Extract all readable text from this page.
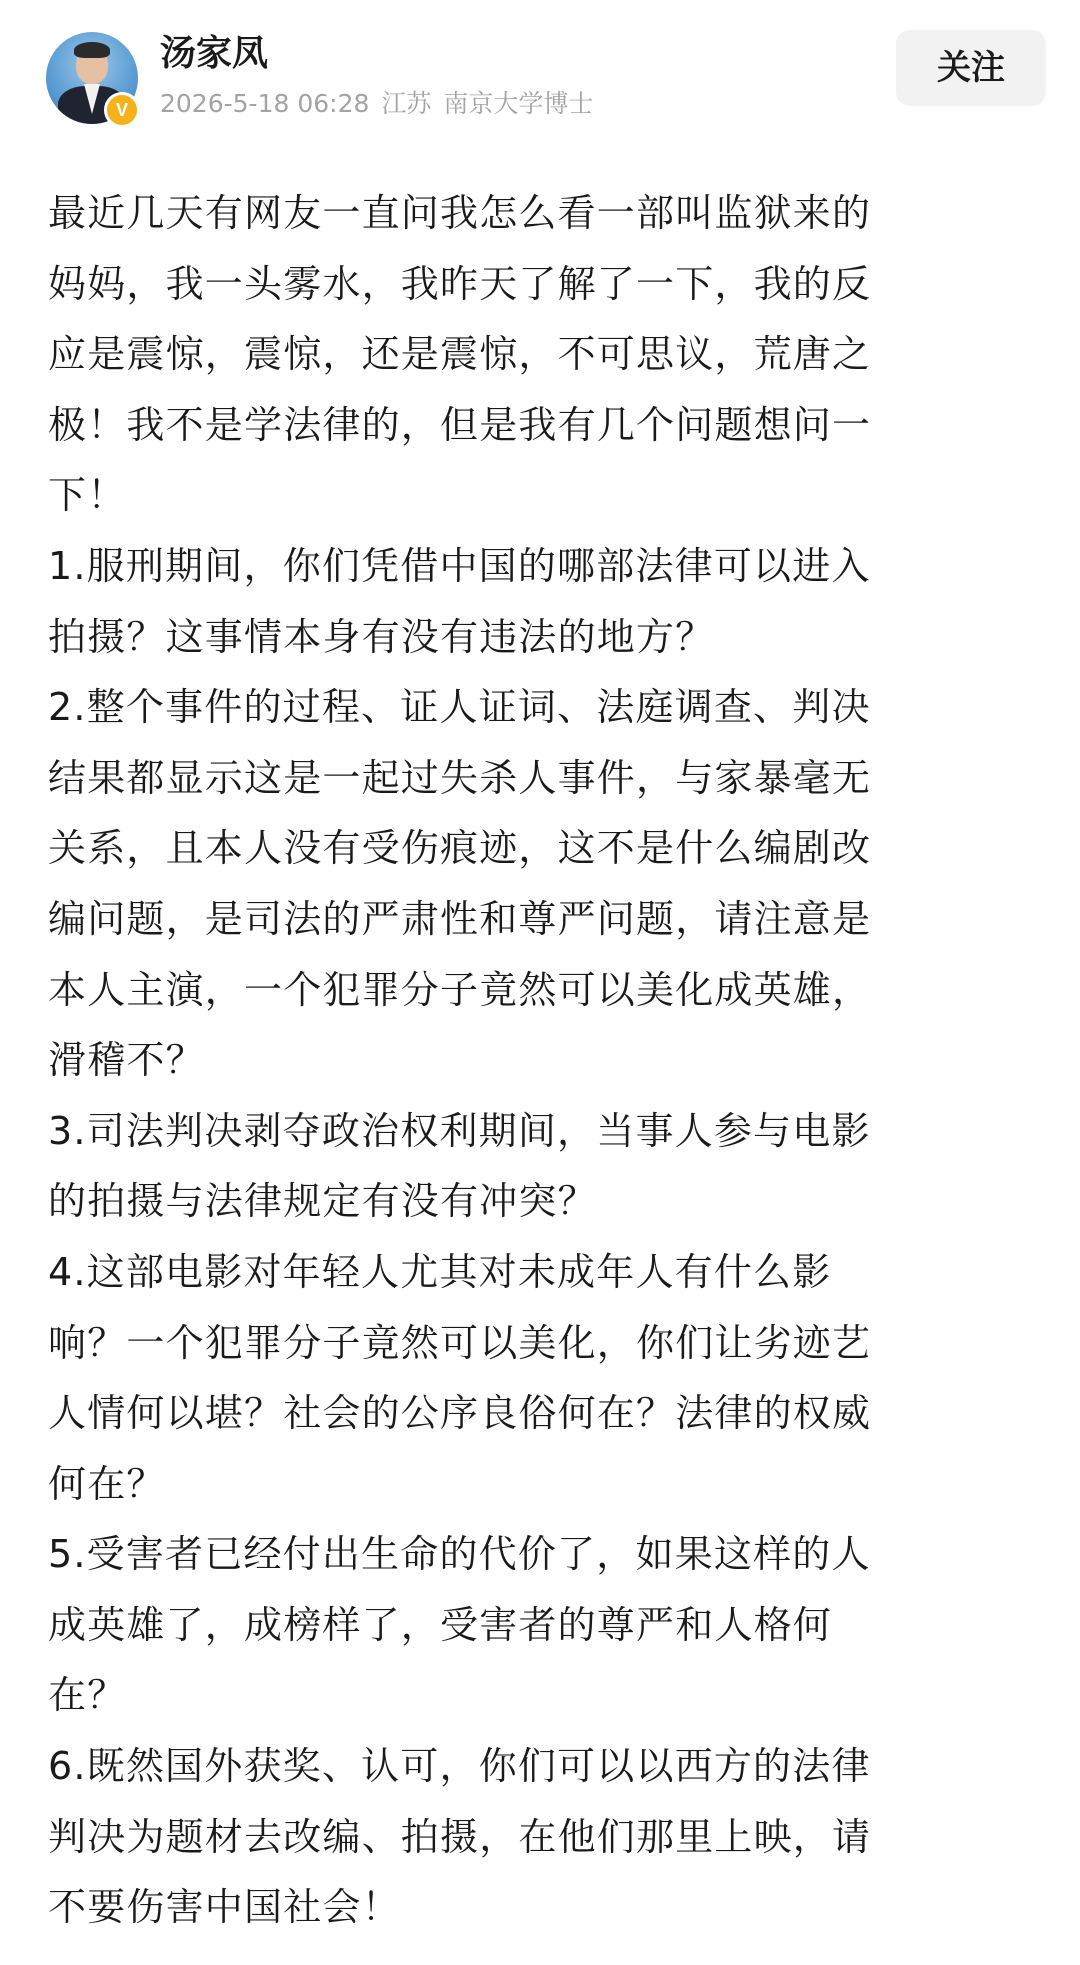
V
汤家凤
2026-5-18 06:28 江苏 南京大学博士
关注

最近几天有网友一直问我怎么看一部叫监狱来的
妈妈，我一头雾水，我昨天了解了一下，我的反
应是震惊，震惊，还是震惊，不可思议，荒唐之
极！我不是学法律的，但是我有几个问题想问一
下！

1.服刑期间，你们凭借中国的哪部法律可以进入
拍摄？这事情本身有没有违法的地方？

2.整个事件的过程、证人证词、法庭调查、判决
结果都显示这是一起过失杀人事件，与家暴毫无
关系，且本人没有受伤痕迹，这不是什么编剧改
编问题，是司法的严肃性和尊严问题，请注意是
本人主演，一个犯罪分子竟然可以美化成英雄，
滑稽不？

3.司法判决剥夺政治权利期间，当事人参与电影
的拍摄与法律规定有没有冲突？

4.这部电影对年轻人尤其对未成年人有什么影
响？一个犯罪分子竟然可以美化，你们让劣迹艺
人情何以堪？社会的公序良俗何在？法律的权威
何在？

5.受害者已经付出生命的代价了，如果这样的人
成英雄了，成榜样了，受害者的尊严和人格何
在？

6.既然国外获奖、认可，你们可以以西方的法律
判决为题材去改编、拍摄，在他们那里上映，请
不要伤害中国社会！
